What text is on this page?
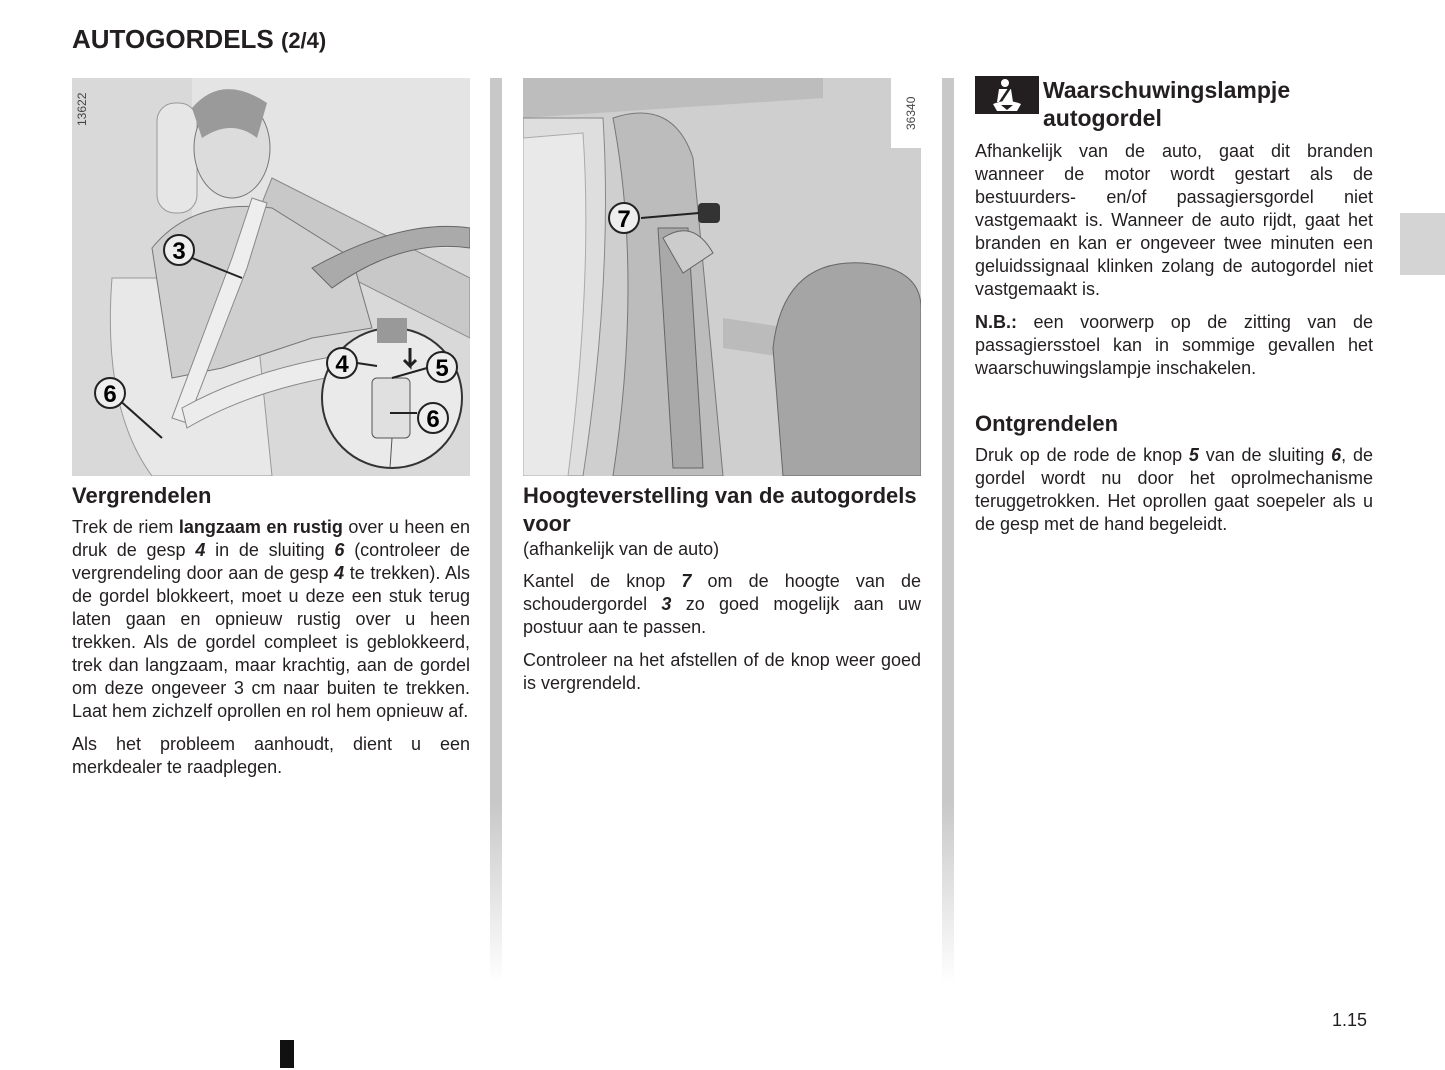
AUTOGORDELS (2/4)
3
4	5
6
6
13622
Vergrendelen

Trek de riem langzaam en rustig over u heen en druk de gesp 4 in de sluiting 6 (controleer de vergrendeling door aan de gesp 4 te trekken). Als de gordel blokkeert, moet u deze een stuk terug laten gaan en opnieuw rustig over u heen trekken. Als de gordel compleet is geblokkeerd, trek dan langzaam, maar krachtig, aan de gordel om deze ongeveer 3 cm naar buiten te trekken. Laat hem zichzelf oprollen en rol hem opnieuw af.

Als het probleem aanhoudt, dient u een merkdealer te raadplegen.

7
36340
Hoogteverstelling van de autogordels voor
(afhankelijk van de auto)

Kantel de knop 7 om de hoogte van de schoudergordel 3 zo goed mogelijk aan uw postuur aan te passen.

Controleer na het afstellen of de knop weer goed is vergrendeld.

Waarschuwingslampje autogordel

Afhankelijk van de auto, gaat dit branden wanneer de motor wordt gestart als de bestuurders- en/of passagiersgordel niet vastgemaakt is. Wanneer de auto rijdt, gaat het branden en kan er ongeveer twee minuten een geluidssignaal klinken zolang de autogordel niet vastgemaakt is.

N.B.: een voorwerp op de zitting van de passagiersstoel kan in sommige gevallen het waarschuwingslampje inschakelen.

Ontgrendelen

Druk op de rode de knop 5 van de sluiting 6, de gordel wordt nu door het oprolmechanisme teruggetrokken. Het oprollen gaat soepeler als u de gesp met de hand begeleidt.

1.15
